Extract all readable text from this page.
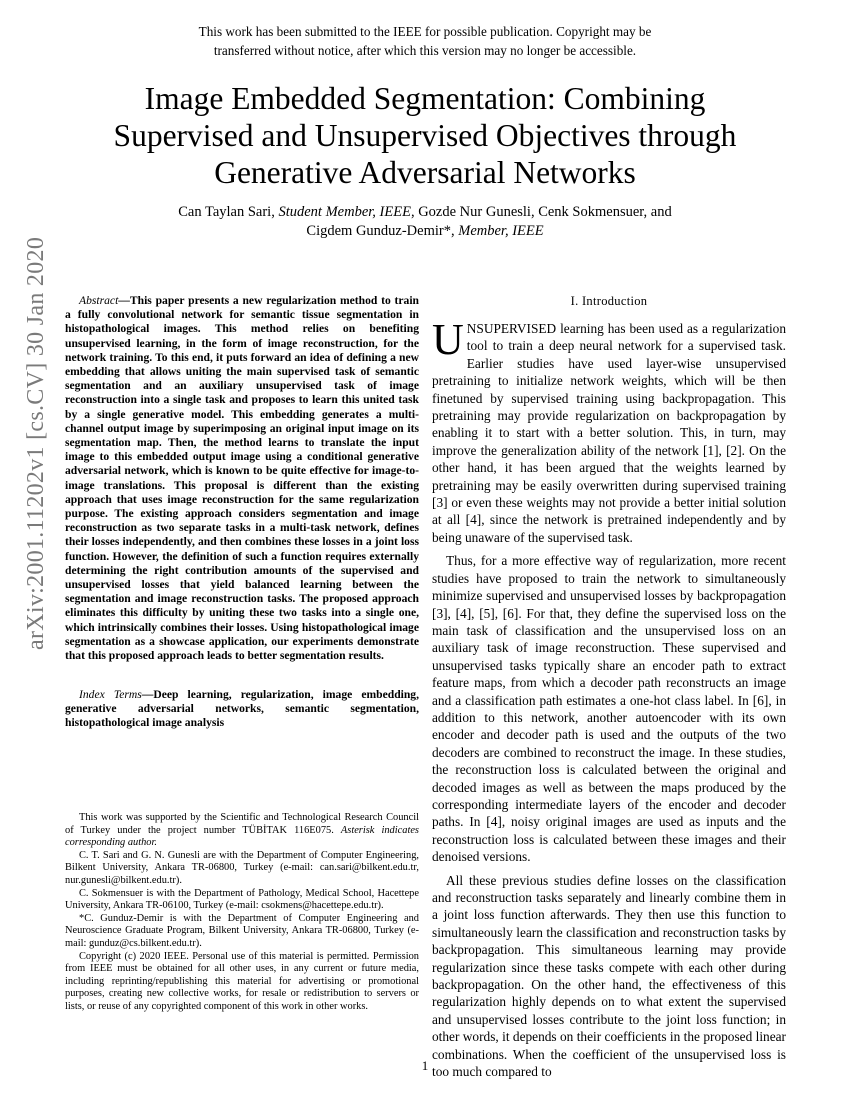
This work has been submitted to the IEEE for possible publication. Copyright may be
transferred without notice, after which this version may no longer be accessible.
Image Embedded Segmentation: Combining
Supervised and Unsupervised Objectives through
Generative Adversarial Networks
Can Taylan Sari, Student Member, IEEE, Gozde Nur Gunesli, Cenk Sokmensuer, and
Cigdem Gunduz-Demir*, Member, IEEE
arXiv:2001.11202v1 [cs.CV] 30 Jan 2020	Abstract—This paper presents a new regularization method to train a fully convolutional network for semantic tissue segmentation in histopathological images. This method relies on benefiting unsupervised learning, in the form of image reconstruction, for the network training. To this end, it puts forward an idea of defining a new embedding that allows uniting the main supervised task of semantic segmentation and an auxiliary unsupervised task of image reconstruction into a single task and proposes to learn this united task by a single generative model. This embedding generates a multi-channel output image by superimposing an original input image on its segmentation map. Then, the method learns to translate the input image to this embedded output image using a conditional generative adversarial network, which is known to be quite effective for image-to-image translations. This proposal is different than the existing approach that uses image reconstruction for the same regularization purpose. The existing approach considers segmentation and image reconstruction as two separate tasks in a multi-task network, defines their losses independently, and then combines these losses in a joint loss function. However, the definition of such a function requires externally determining the right contribution amounts of the supervised and unsupervised losses that yield balanced learning between the segmentation and image reconstruction tasks. The proposed approach eliminates this difficulty by uniting these two tasks into a single one, which intrinsically combines their losses. Using histopathological image segmentation as a showcase application, our experiments demonstrate that this proposed approach leads to better segmentation results.
Index Terms—Deep learning, regularization, image embedding, generative adversarial networks, semantic segmentation, histopathological image analysis

This work was supported by the Scientific and Technological Research Council of Turkey under the project number TÜBİTAK 116E075. Asterisk indicates corresponding author.

C. T. Sari and G. N. Gunesli are with the Department of Computer Engineering, Bilkent University, Ankara TR-06800, Turkey (e-mail: can.sari@bilkent.edu.tr, nur.gunesli@bilkent.edu.tr).

C. Sokmensuer is with the Department of Pathology, Medical School, Hacettepe University, Ankara TR-06100, Turkey (e-mail: csokmens@hacettepe.edu.tr).

*C. Gunduz-Demir is with the Department of Computer Engineering and Neuroscience Graduate Program, Bilkent University, Ankara TR-06800, Turkey (e-mail: gunduz@cs.bilkent.edu.tr).

Copyright (c) 2020 IEEE. Personal use of this material is permitted. Permission from IEEE must be obtained for all other uses, in any current or future media, including reprinting/republishing this material for advertising or promotional purposes, creating new collective works, for resale or redistribution to servers or lists, or reuse of any copyrighted component of this work in other works.

I. Introduction

UNSUPERVISED learning has been used as a regularization tool to train a deep neural network for a supervised task. Earlier studies have used layer-wise unsupervised pretraining to initialize network weights, which will be then finetuned by supervised training using backpropagation. This pretraining may provide regularization on backpropagation by enabling it to start with a better solution. This, in turn, may improve the generalization ability of the network [1], [2]. On the other hand, it has been argued that the weights learned by pretraining may be easily overwritten during supervised training [3] or even these weights may not provide a better initial solution at all [4], since the network is pretrained independently and by being unaware of the supervised task.

Thus, for a more effective way of regularization, more recent studies have proposed to train the network to simultaneously minimize supervised and unsupervised losses by backpropagation [3], [4], [5], [6]. For that, they define the supervised loss on the main task of classification and the unsupervised loss on an auxiliary task of image reconstruction. These supervised and unsupervised tasks typically share an encoder path to extract feature maps, from which a decoder path reconstructs an image and a classification path estimates a one-hot class label. In [6], in addition to this network, another autoencoder with its own encoder and decoder path is used and the outputs of the two decoders are combined to reconstruct the image. In these studies, the reconstruction loss is calculated between the original and decoded images as well as between the maps produced by the corresponding intermediate layers of the encoder and decoder paths. In [4], noisy original images are used as inputs and the reconstruction loss is calculated between these images and their denoised versions.

All these previous studies define losses on the classification and reconstruction tasks separately and linearly combine them in a joint loss function afterwards. They then use this function to simultaneously learn the classification and reconstruction tasks by backpropagation. This simultaneous learning may provide regularization since these tasks compete with each other during backpropagation. On the other hand, the effectiveness of this regularization highly depends on to what extent the supervised and unsupervised losses contribute to the joint loss function; in other words, it depends on their coefficients in the proposed linear combinations. When the coefficient of the unsupervised loss is too much compared to

1
